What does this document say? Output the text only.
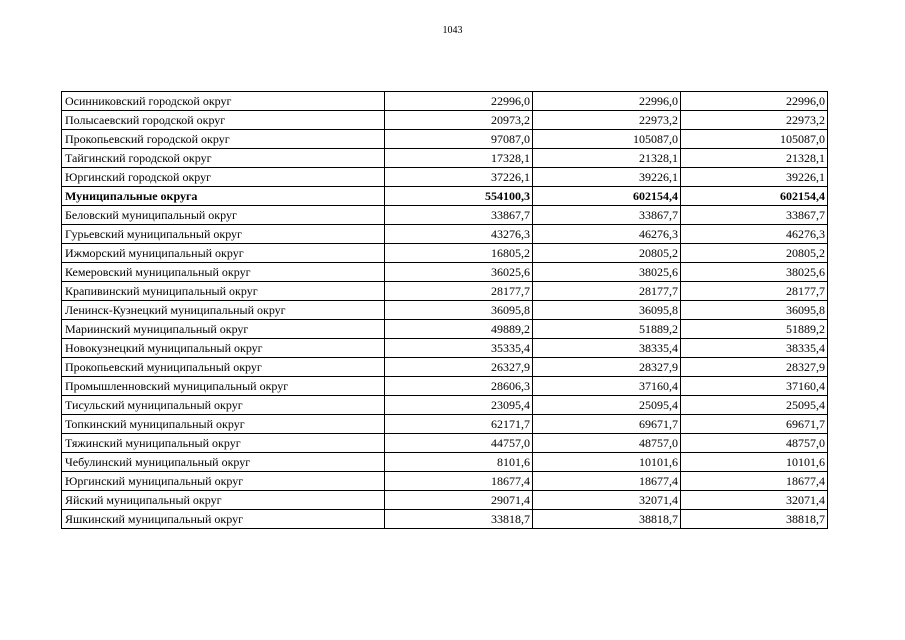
1043
Осинниковский городской округ	22996,0	22996,0	22996,0
Полысаевский городской округ	20973,2	22973,2	22973,2
Прокопьевский городской округ	97087,0	105087,0	105087,0
Тайгинский городской округ	17328,1	21328,1	21328,1
Юргинский городской округ	37226,1	39226,1	39226,1
Муниципальные округа	554100,3	602154,4	602154,4
Беловский муниципальный округ	33867,7	33867,7	33867,7
Гурьевский муниципальный округ	43276,3	46276,3	46276,3
Ижморский муниципальный округ	16805,2	20805,2	20805,2
Кемеровский муниципальный округ	36025,6	38025,6	38025,6
Крапивинский муниципальный округ	28177,7	28177,7	28177,7
Ленинск-Кузнецкий муниципальный округ	36095,8	36095,8	36095,8
Мариинский муниципальный округ	49889,2	51889,2	51889,2
Новокузнецкий муниципальный округ	35335,4	38335,4	38335,4
Прокопьевский муниципальный округ	26327,9	28327,9	28327,9
Промышленновский муниципальный округ	28606,3	37160,4	37160,4
Тисульский муниципальный округ	23095,4	25095,4	25095,4
Топкинский муниципальный округ	62171,7	69671,7	69671,7
Тяжинский муниципальный округ	44757,0	48757,0	48757,0
Чебулинский муниципальный округ	8101,6	10101,6	10101,6
Юргинский муниципальный округ	18677,4	18677,4	18677,4
Яйский муниципальный округ	29071,4	32071,4	32071,4
Яшкинский муниципальный округ	33818,7	38818,7	38818,7
